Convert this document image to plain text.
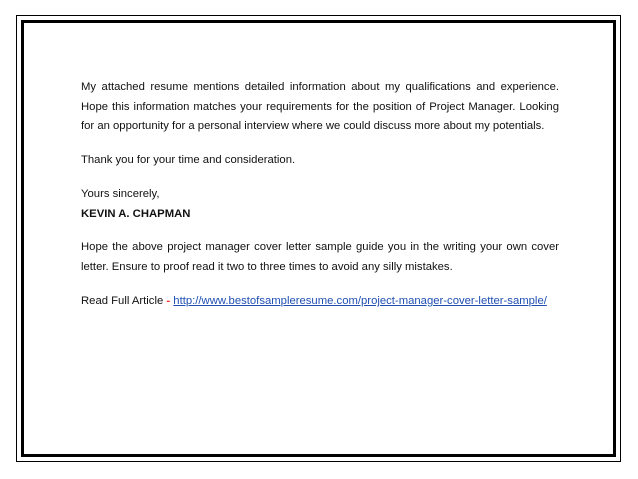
My attached resume mentions detailed information about my qualifications and experience. Hope this information matches your requirements for the position of Project Manager. Looking for an opportunity for a personal interview where we could discuss more about my potentials.

Thank you for your time and consideration.

Yours sincerely,

KEVIN A. CHAPMAN

Hope the above project manager cover letter sample guide you in the writing your own cover letter. Ensure to proof read it two to three times to avoid any silly mistakes.

Read Full Article - http://www.bestofsampleresume.com/project-manager-cover-letter-sample/
